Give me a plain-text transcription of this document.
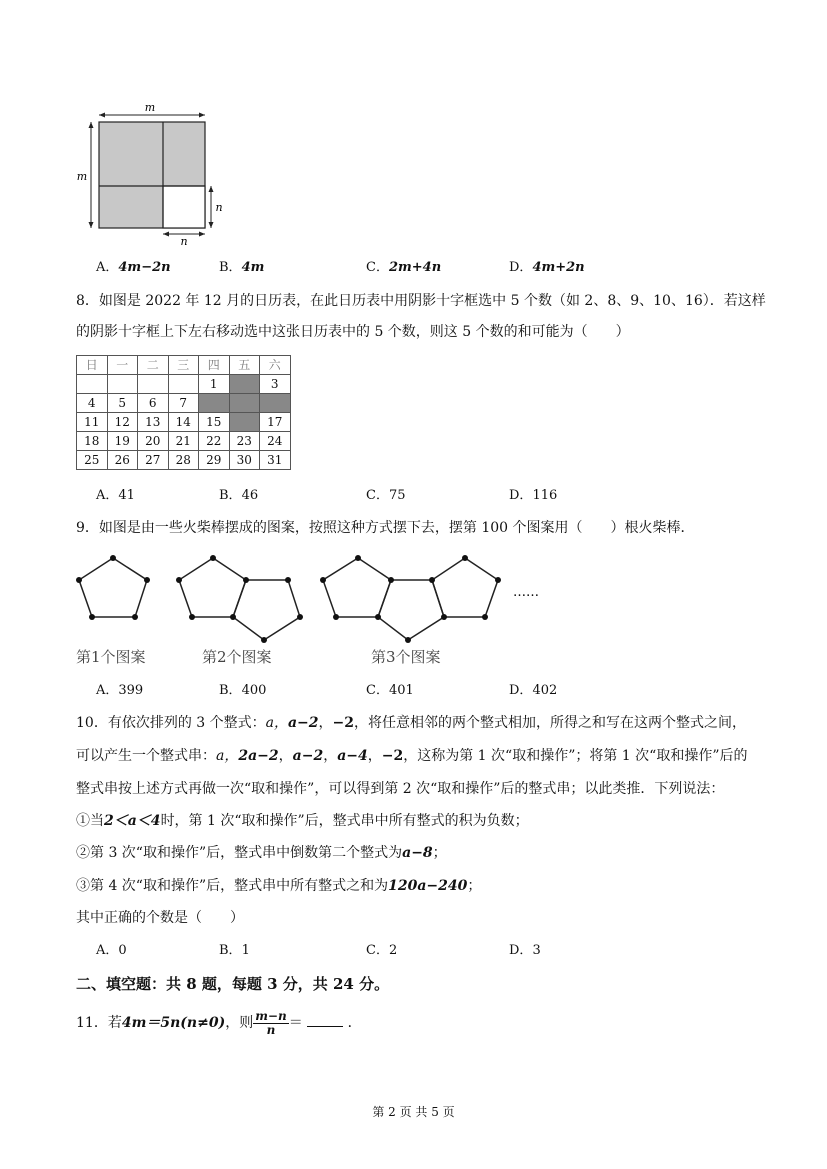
m
m
n
n
A．4m−2n	B．4m	C．2m+4n	D．4m+2n
8．如图是 2022 年 12 月的日历表，在此日历表中用阴影十字框选中 5 个数（如 2、8、9、10、16）．若这样
的阴影十字框上下左右移动选中这张日历表中的 5 个数，则这 5 个数的和可能为（　　）
日	一	二	三	四	五	六
				1		3
4	5	6	7			
11	12	13	14	15		17
18	19	20	21	22	23	24
25	26	27	28	29	30	31
A．41	B．46	C．75	D．116
9．如图是由一些火柴棒摆成的图案，按照这种方式摆下去，摆第 100 个图案用（　　）根火柴棒．
……
第1个图案	第2个图案	第3个图案
A．399	B．400	C．401	D．402
10．有依次排列的 3 个整式：a，a−2，−2，将任意相邻的两个整式相加，所得之和写在这两个整式之间，
可以产生一个整式串：a，2a−2，a−2，a−4，−2，这称为第 1 次“取和操作”；将第 1 次“取和操作”后的
整式串按上述方式再做一次“取和操作”，可以得到第 2 次“取和操作”后的整式串；以此类推．下列说法：
①当2＜a＜4时，第 1 次“取和操作”后，整式串中所有整式的积为负数；
②第 3 次“取和操作”后，整式串中倒数第二个整式为a−8；
③第 4 次“取和操作”后，整式串中所有整式之和为120a−240；
其中正确的个数是（　　）
A．0	B．1	C．2	D．3
二、填空题：共 8 题，每题 3 分，共 24 分。
11．若4m＝5n(n≠0)，则 $\frac{m-n}{n}$ ＝	．
第 2 页 共 5 页
